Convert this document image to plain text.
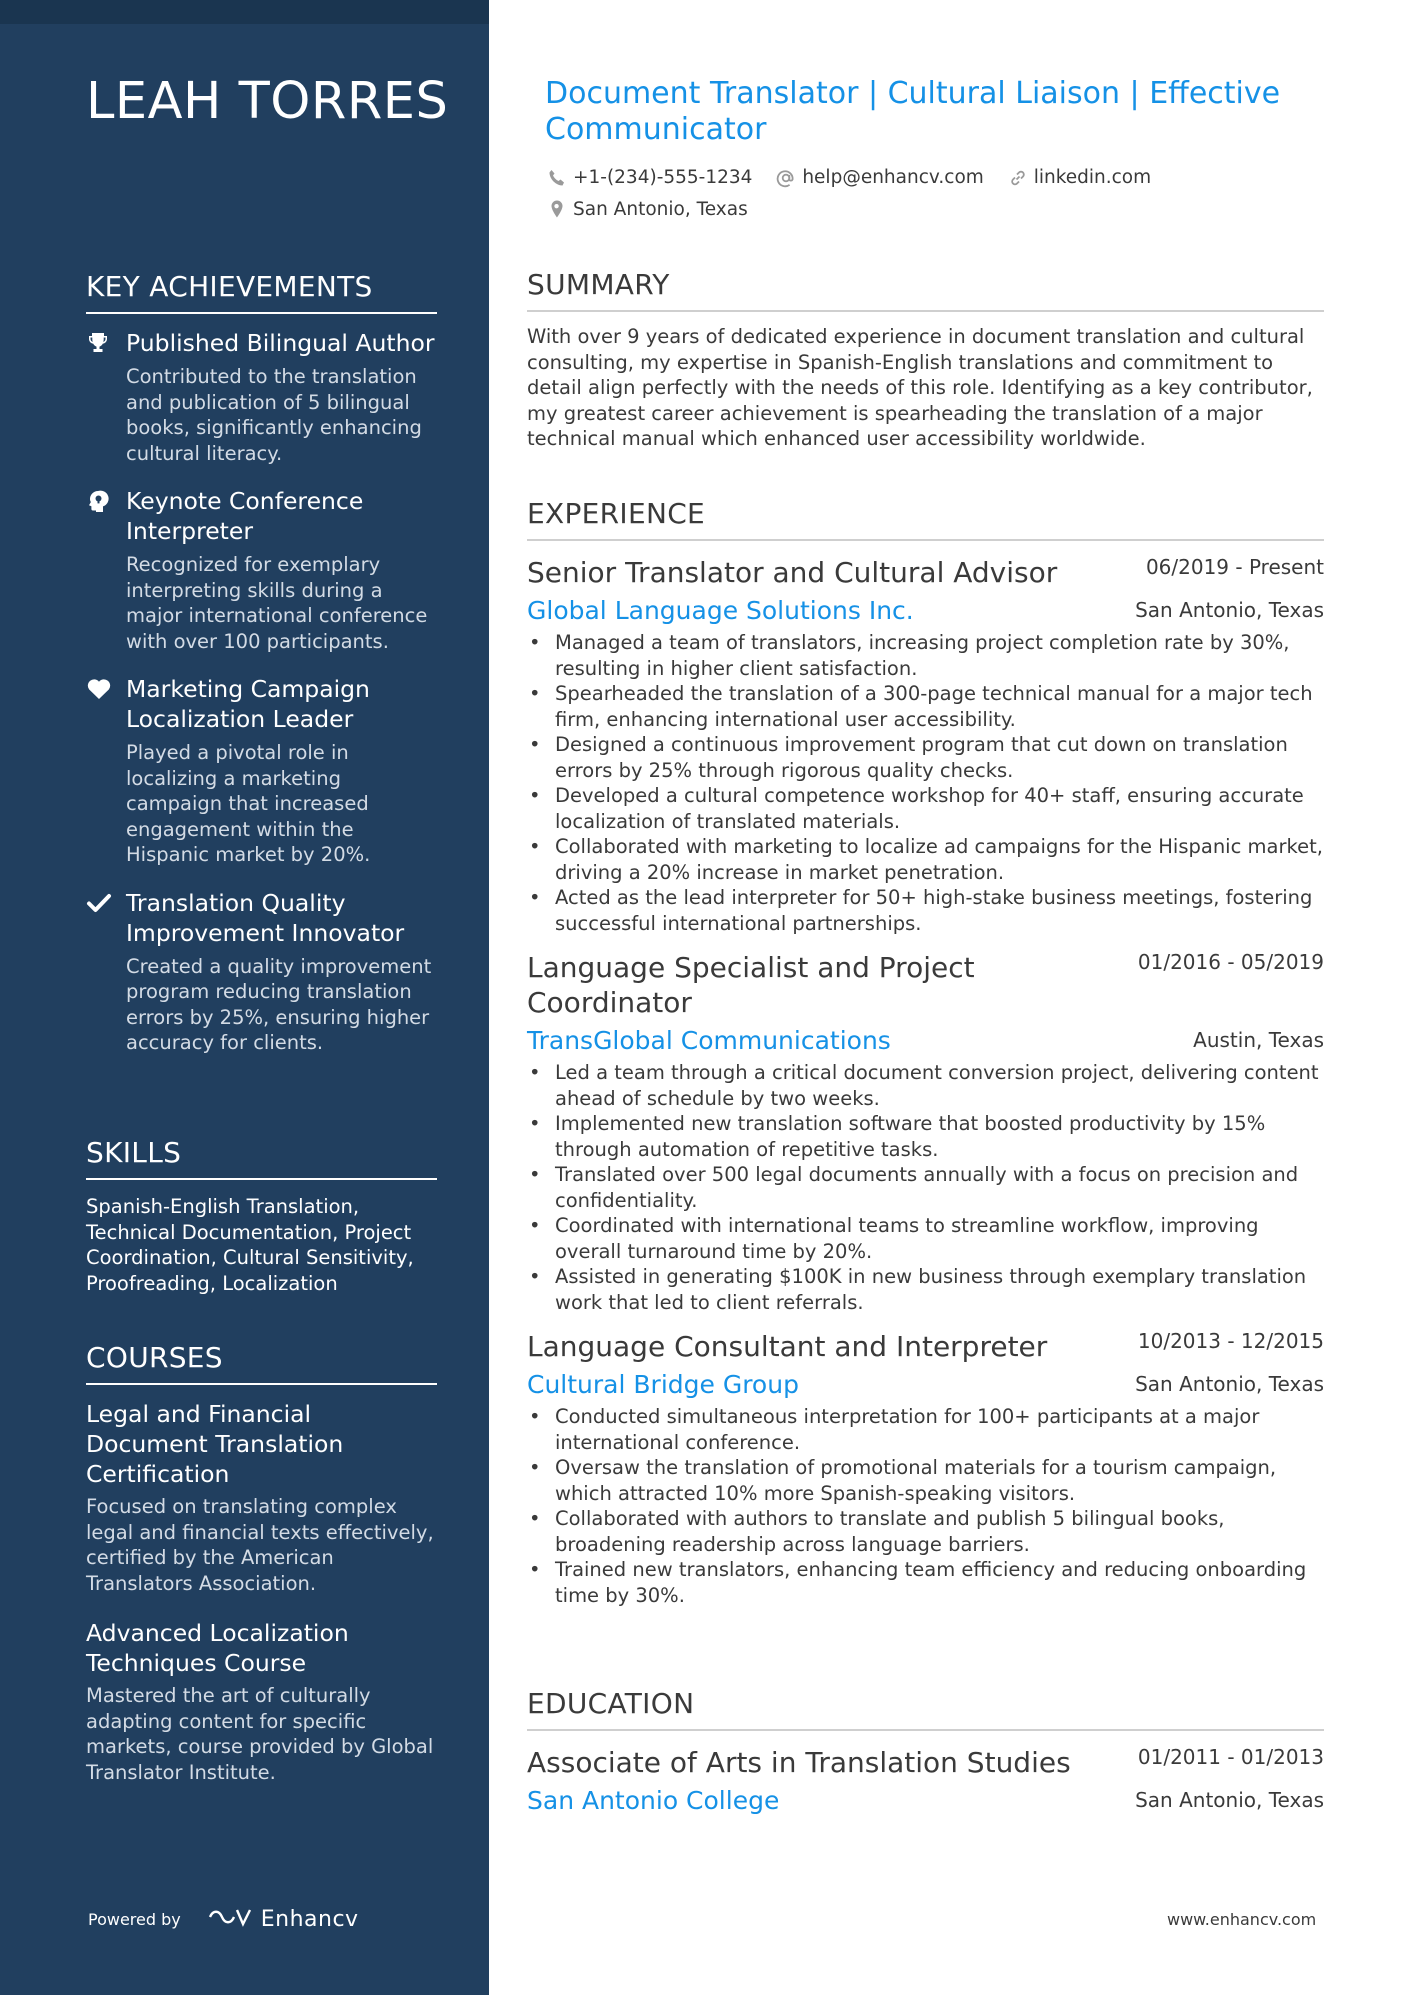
LEAH TORRES
KEY ACHIEVEMENTS
Published Bilingual Author
Contributed to the translation and publication of 5 bilingual books, significantly enhancing cultural literacy.
Keynote Conference Interpreter
Recognized for exemplary interpreting skills during a major international conference with over 100 participants.
Marketing Campaign Localization Leader
Played a pivotal role in localizing a marketing campaign that increased engagement within the Hispanic market by 20%.
Translation Quality Improvement Innovator
Created a quality improvement program reducing translation errors by 25%, ensuring higher accuracy for clients.
SKILLS
Spanish-English Translation, Technical Documentation, Project Coordination, Cultural Sensitivity, Proofreading, Localization
COURSES
Legal and Financial Document Translation Certification
Focused on translating complex legal and financial texts effectively, certified by the American Translators Association.
Advanced Localization Techniques Course
Mastered the art of culturally adapting content for specific markets, course provided by Global Translator Institute.
Powered by	Enhancv
Document Translator | Cultural Liaison | Effective Communicator
+1-(234)-555-1234
	help@enhancv.com
	linkedin.com

San Antonio, Texas
SUMMARY
With over 9 years of dedicated experience in document translation and cultural consulting, my expertise in Spanish-English translations and commitment to detail align perfectly with the needs of this role. Identifying as a key contributor, my greatest career achievement is spearheading the translation of a major technical manual which enhanced user accessibility worldwide.
EXPERIENCE
Senior Translator and Cultural Advisor	06/2019 - Present
Global Language Solutions Inc.	San Antonio, Texas
• Managed a team of translators, increasing project completion rate by 30%, resulting in higher client satisfaction.
• Spearheaded the translation of a 300-page technical manual for a major tech firm, enhancing international user accessibility.
• Designed a continuous improvement program that cut down on translation errors by 25% through rigorous quality checks.
• Developed a cultural competence workshop for 40+ staff, ensuring accurate localization of translated materials.
• Collaborated with marketing to localize ad campaigns for the Hispanic market, driving a 20% increase in market penetration.
• Acted as the lead interpreter for 50+ high-stake business meetings, fostering successful international partnerships.
Language Specialist and Project Coordinator
01/2016 - 05/2019
TransGlobal Communications	Austin, Texas
• Led a team through a critical document conversion project, delivering content ahead of schedule by two weeks.
• Implemented new translation software that boosted productivity by 15% through automation of repetitive tasks.
• Translated over 500 legal documents annually with a focus on precision and confidentiality.
• Coordinated with international teams to streamline workflow, improving overall turnaround time by 20%.
• Assisted in generating $100K in new business through exemplary translation work that led to client referrals.
Language Consultant and Interpreter	10/2013 - 12/2015
Cultural Bridge Group	San Antonio, Texas
• Conducted simultaneous interpretation for 100+ participants at a major international conference.
• Oversaw the translation of promotional materials for a tourism campaign, which attracted 10% more Spanish-speaking visitors.
• Collaborated with authors to translate and publish 5 bilingual books, broadening readership across language barriers.
• Trained new translators, enhancing team efficiency and reducing onboarding time by 30%.
EDUCATION
Associate of Arts in Translation Studies	01/2011 - 01/2013
San Antonio College	San Antonio, Texas
www.enhancv.com
